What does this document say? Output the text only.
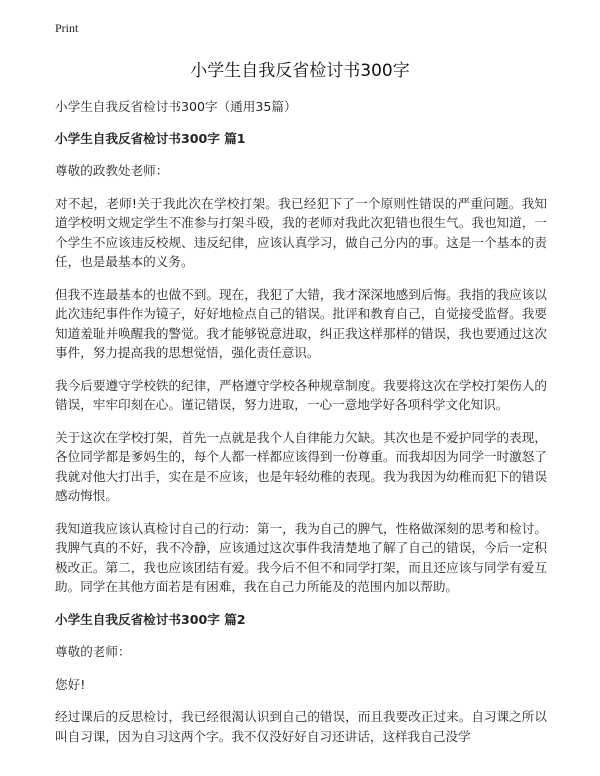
Print
小学生自我反省检讨书300字

小学生自我反省检讨书300字（通用35篇）

小学生自我反省检讨书300字 篇1

尊敬的政教处老师：

对不起，老师!关于我此次在学校打架。我已经犯下了一个原则性错误的严重问题。我知道学校明文规定学生不准参与打架斗殴，我的老师对我此次犯错也很生气。我也知道，一个学生不应该违反校规、违反纪律，应该认真学习，做自己分内的事。这是一个基本的责任，也是最基本的义务。

但我不连最基本的也做不到。现在，我犯了大错，我才深深地感到后悔。我指的我应该以此次违纪事件作为镜子，好好地检点自己的错误。批评和教育自己，自觉接受监督。我要知道羞耻并唤醒我的警觉。我才能够锐意进取，纠正我这样那样的错误，我也要通过这次事件，努力提高我的思想觉悟，强化责任意识。

我今后要遵守学校铁的纪律，严格遵守学校各种规章制度。我要将这次在学校打架伤人的错误，牢牢印刻在心。谨记错误，努力进取，一心一意地学好各项科学文化知识。

关于这次在学校打架，首先一点就是我个人自律能力欠缺。其次也是不爱护同学的表现，各位同学都是爹妈生的，每个人都一样都应该得到一份尊重。而我却因为同学一时激怒了我就对他大打出手，实在是不应该，也是年轻幼稚的表现。我为我因为幼稚而犯下的错误感动悔恨。

我知道我应该认真检讨自己的行动：第一，我为自己的脾气，性格做深刻的思考和检讨。我脾气真的不好，我不冷静，应该通过这次事件我清楚地了解了自己的错误，今后一定积极改正。第二，我也应该团结有爱。我今后不但不和同学打架，而且还应该与同学有爱互助。同学在其他方面若是有困难，我在自己力所能及的范围内加以帮助。

小学生自我反省检讨书300字 篇2

尊敬的老师：

您好!

经过课后的反思检讨，我已经很渴认识到自己的错误，而且我要改正过来。自习课之所以叫自习课，因为自习这两个字。我不仅没好好自习还讲话，这样我自己没学
